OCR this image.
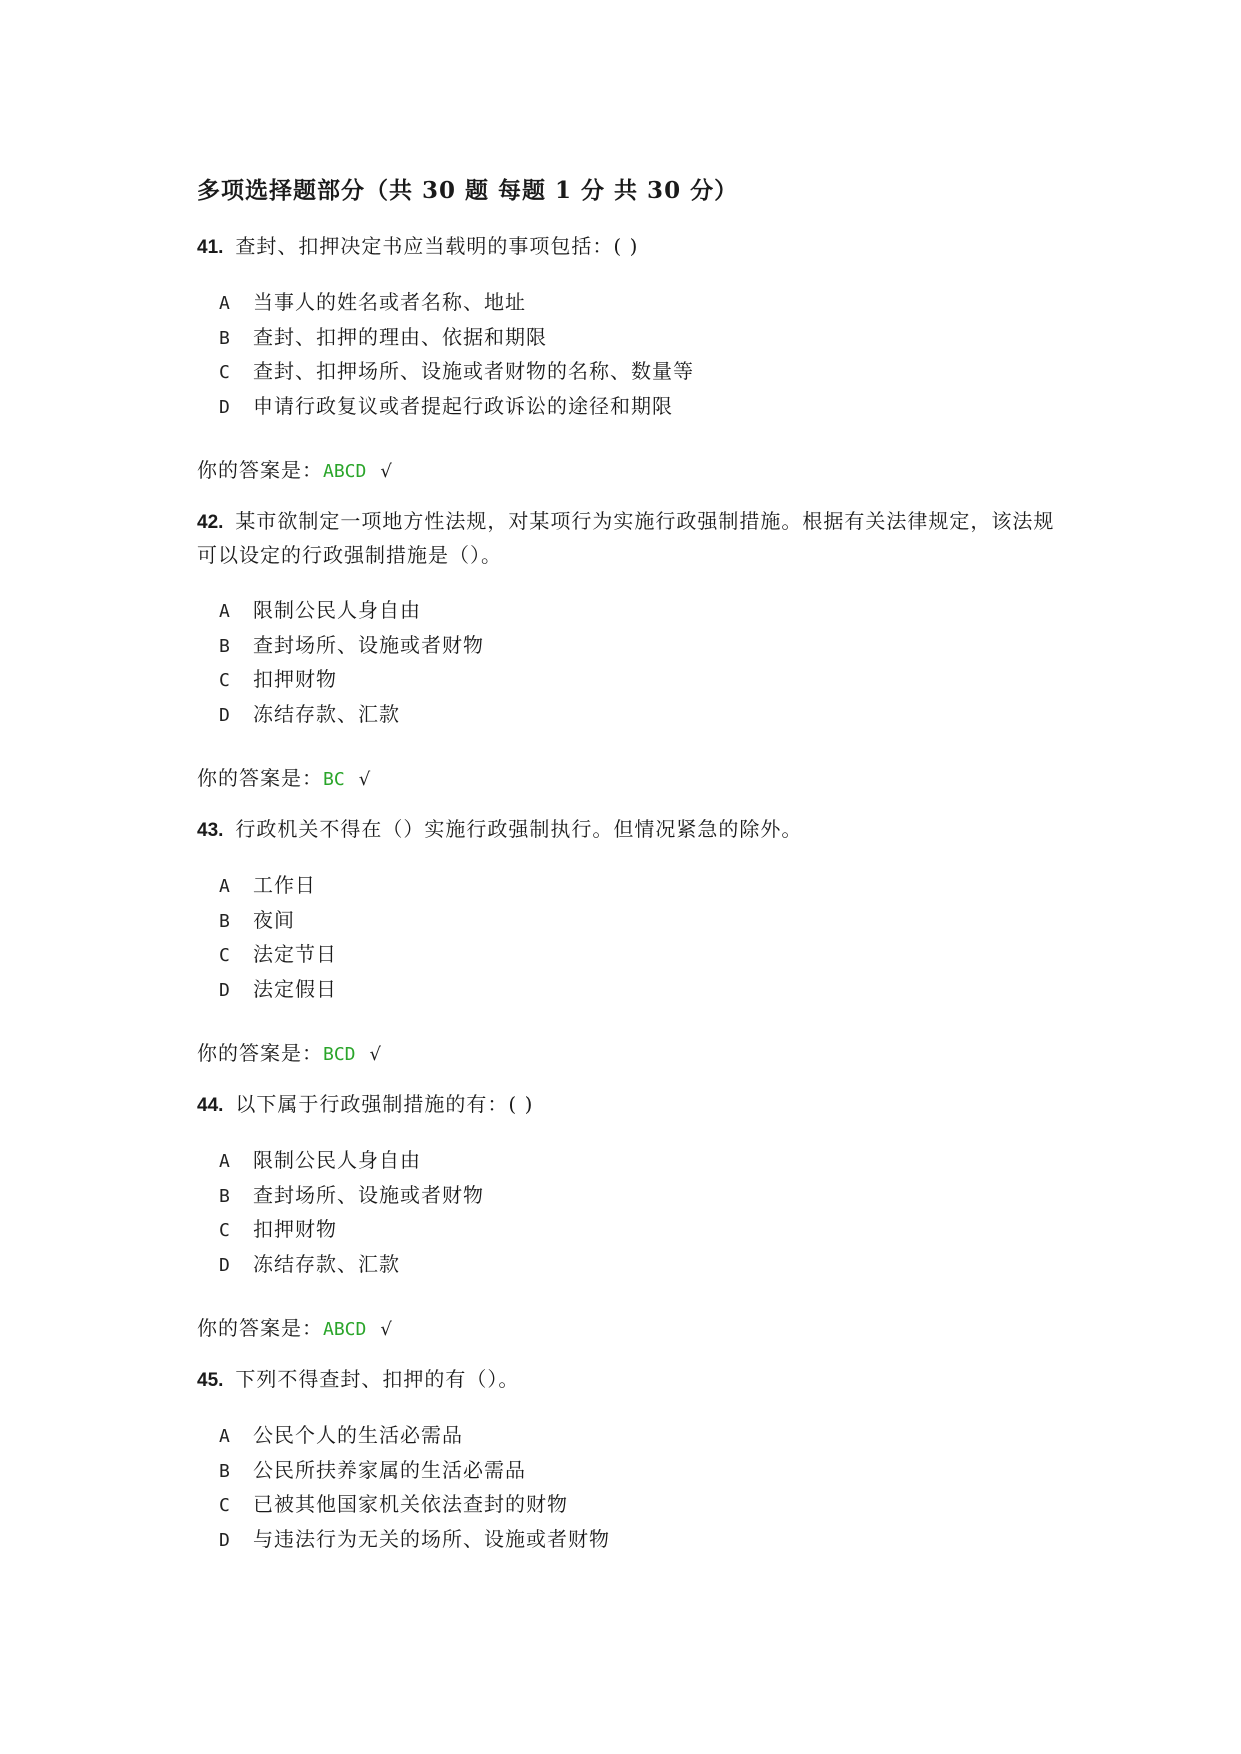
多项选择题部分（共 30 题 每题 1 分 共 30 分）
41. 查封、扣押决定书应当载明的事项包括：( )
A 当事人的姓名或者名称、地址
B 查封、扣押的理由、依据和期限
C 查封、扣押场所、设施或者财物的名称、数量等
D 申请行政复议或者提起行政诉讼的途径和期限
你的答案是：ABCD √
42. 某市欲制定一项地方性法规，对某项行为实施行政强制措施。根据有关法律规定，该法规可以设定的行政强制措施是（）。
A 限制公民人身自由
B 查封场所、设施或者财物
C 扣押财物
D 冻结存款、汇款
你的答案是：BC √
43. 行政机关不得在（）实施行政强制执行。但情况紧急的除外。
A 工作日
B 夜间
C 法定节日
D 法定假日
你的答案是：BCD √
44. 以下属于行政强制措施的有：( )
A 限制公民人身自由
B 查封场所、设施或者财物
C 扣押财物
D 冻结存款、汇款
你的答案是：ABCD √
45. 下列不得查封、扣押的有（）。
A 公民个人的生活必需品
B 公民所扶养家属的生活必需品
C 已被其他国家机关依法查封的财物
D 与违法行为无关的场所、设施或者财物
